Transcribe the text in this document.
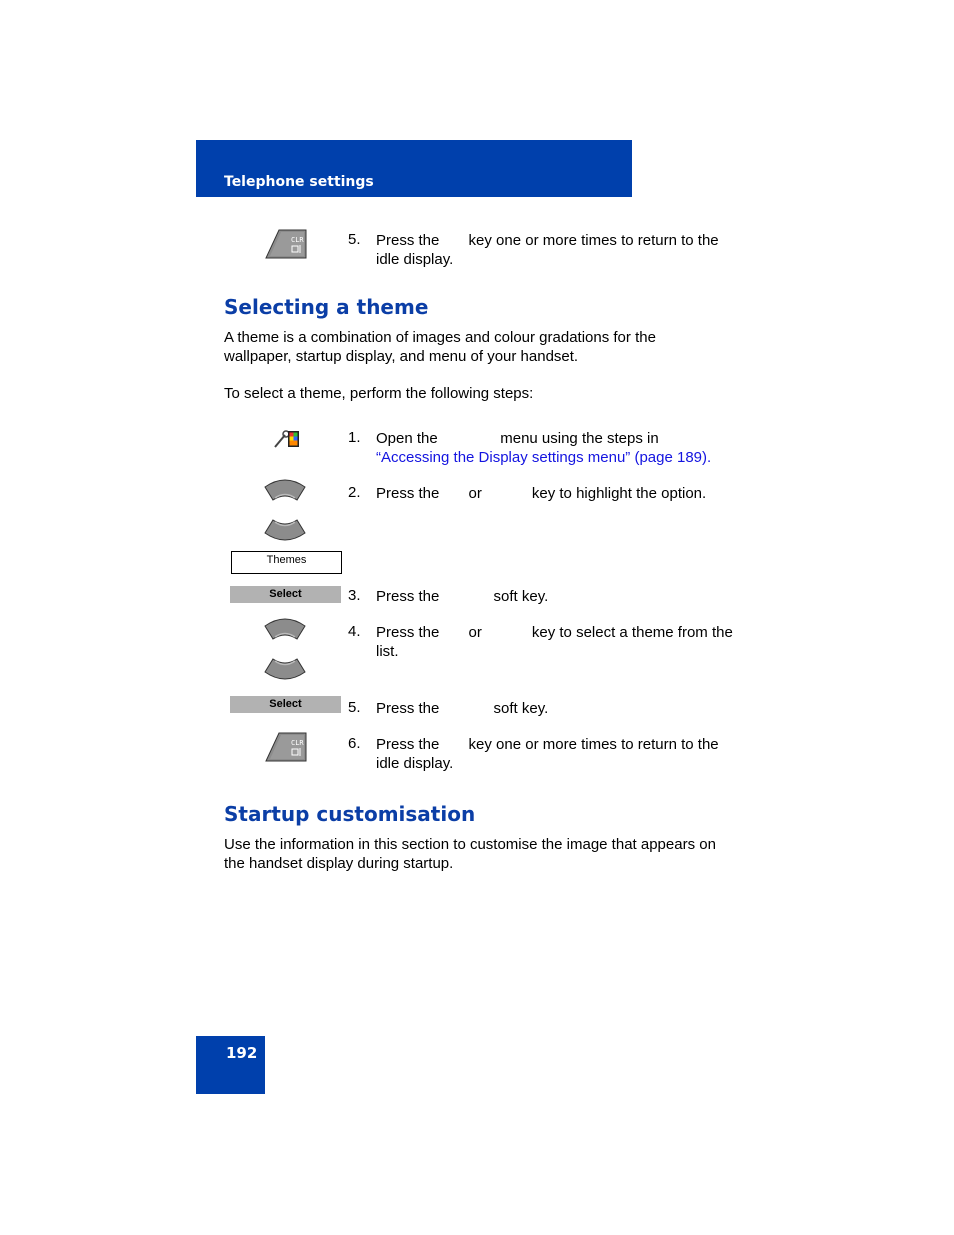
Telephone settings
CLR	5.	Press the       key one or more times to return to the idle display.
Selecting a theme
A theme is a combination of images and colour gradations for the wallpaper, startup display, and menu of your handset.
To select a theme, perform the following steps:
1.	Open the               menu using the steps in
“Accessing the Display settings menu” (page 189).
2.	Press the       or            key to highlight the option.
Themes
Select	3.	Press the             soft key.
4.	Press the       or            key to select a theme from the list.
Select	5.	Press the             soft key.
CLR	6.	Press the       key one or more times to return to the idle display.
Startup customisation
Use the information in this section to customise the image that appears on the handset display during startup.
192
